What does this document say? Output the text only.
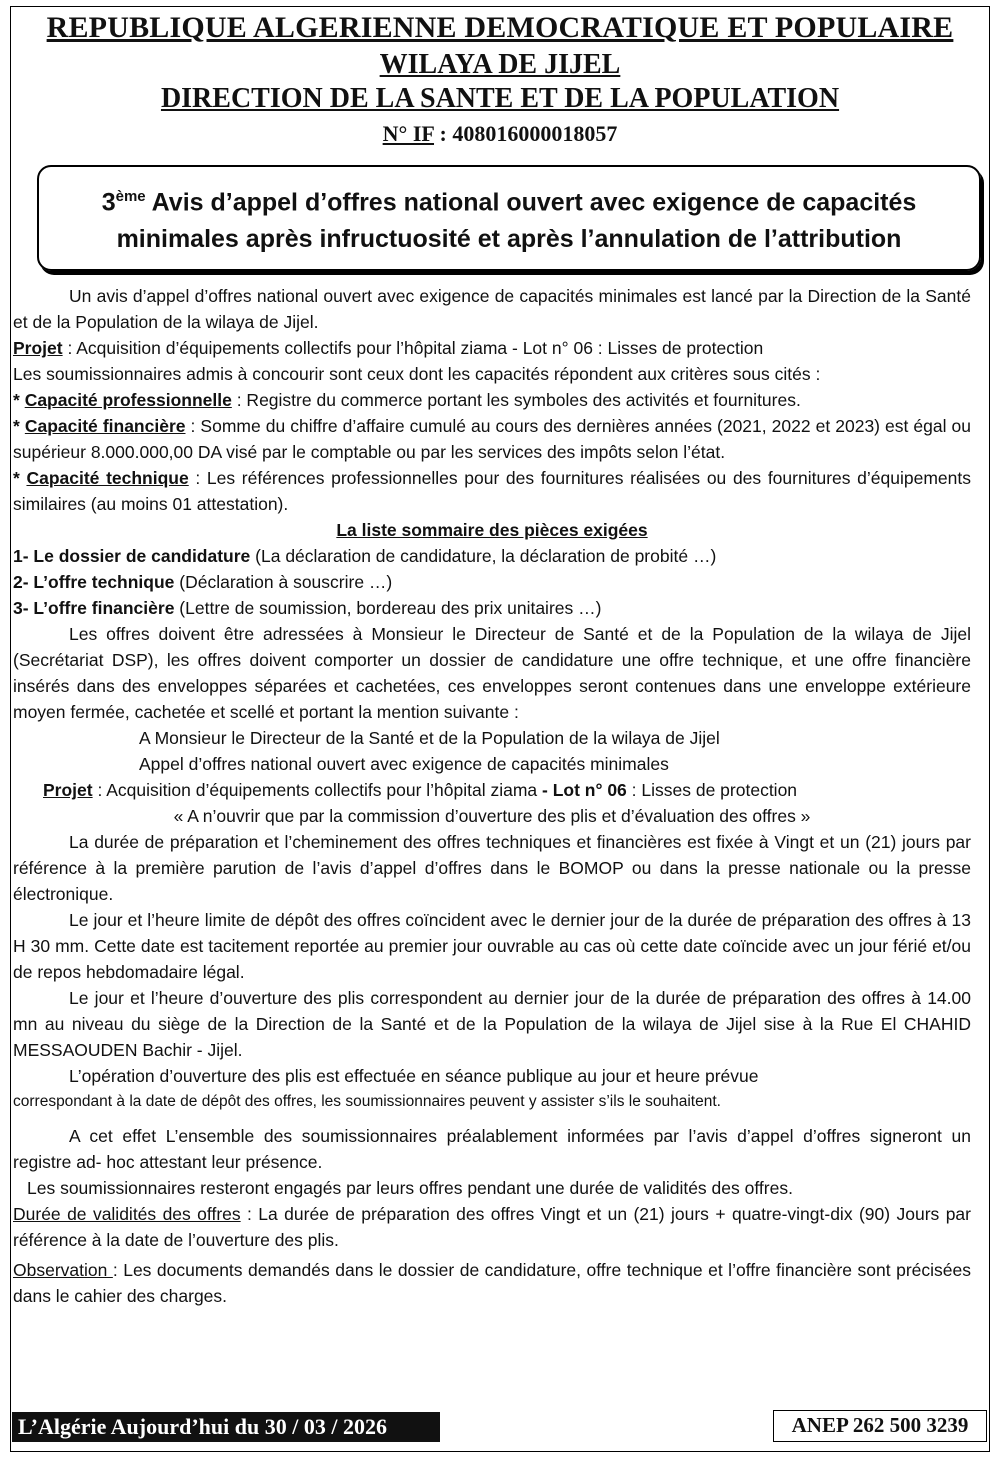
REPUBLIQUE ALGERIENNE DEMOCRATIQUE ET POPULAIRE
WILAYA DE JIJEL
DIRECTION DE LA SANTE ET DE LA POPULATION
N° IF : 408016000018057
3ème Avis d’appel d’offres national ouvert avec exigence de capacités minimales après infructuosité et après l’annulation de l’attribution

Un avis d’appel d’offres national ouvert avec exigence de capacités minimales est lancé par la Direction de la Santé et de la Population de la wilaya de Jijel.

Projet : Acquisition d’équipements collectifs pour l’hôpital ziama - Lot n° 06 : Lisses de protection

Les soumissionnaires admis à concourir sont ceux dont les capacités répondent aux critères sous cités :

* Capacité professionnelle : Registre du commerce portant les symboles des activités et fournitures.

* Capacité financière : Somme du chiffre d’affaire cumulé au cours des dernières années (2021, 2022 et 2023) est égal ou supérieur 8.000.000,00 DA visé par le comptable ou par les services des impôts selon l’état.

* Capacité technique : Les références professionnelles pour des fournitures réalisées ou des fournitures d’équipements similaires (au moins 01 attestation).

La liste sommaire des pièces exigées

1- Le dossier de candidature (La déclaration de candidature, la déclaration de probité …)

2- L’offre technique (Déclaration à souscrire …)

3- L’offre financière (Lettre de soumission, bordereau des prix unitaires …)

Les offres doivent être adressées à Monsieur le Directeur de Santé et de la Population de la wilaya de Jijel (Secrétariat DSP), les offres doivent comporter un dossier de candidature une offre technique, et une offre financière insérés dans des enveloppes séparées et cachetées, ces enveloppes seront contenues dans une enveloppe extérieure moyen fermée, cachetée et scellé et portant la mention suivante :

A Monsieur le Directeur de la Santé et de la Population de la wilaya de Jijel

Appel d’offres national ouvert avec exigence de capacités minimales

Projet : Acquisition d’équipements collectifs pour l’hôpital ziama - Lot n° 06 : Lisses de protection

« A n’ouvrir que par la commission d’ouverture des plis et d’évaluation des offres »

La durée de préparation et l’cheminement des offres techniques et financières est fixée à Vingt et un (21) jours par référence à la première parution de l’avis d’appel d’offres dans le BOMOP ou dans la presse nationale ou la presse électronique.

Le jour et l’heure limite de dépôt des offres coïncident avec le dernier jour de la durée de préparation des offres à 13 H 30 mm. Cette date est tacitement reportée au premier jour ouvrable au cas où cette date coïncide avec un jour férié et/ou de repos hebdomadaire légal.

Le jour et l’heure d’ouverture des plis correspondent au dernier jour de la durée de préparation des offres à 14.00 mn au niveau du siège de la Direction de la Santé et de la Population de la wilaya de Jijel sise à la Rue El CHAHID MESSAOUDEN Bachir - Jijel.

L’opération d’ouverture des plis est effectuée en séance publique au jour et heure prévue

correspondant à la date de dépôt des offres, les soumissionnaires peuvent y assister s’ils le souhaitent.

A cet effet L’ensemble des soumissionnaires préalablement informées par l’avis d’appel d’offres signeront un registre ad- hoc attestant leur présence.

Les soumissionnaires resteront engagés par leurs offres pendant une durée de validités des offres.

Durée de validités des offres : La durée de préparation des offres Vingt et un (21) jours + quatre-vingt-dix (90) Jours par référence à la date de l’ouverture des plis.

Observation : Les documents demandés dans le dossier de candidature, offre technique et l’offre financière sont précisées dans le cahier des charges.

L’Algérie Aujourd’hui du 30 / 03 / 2026	ANEP 262 500 3239
